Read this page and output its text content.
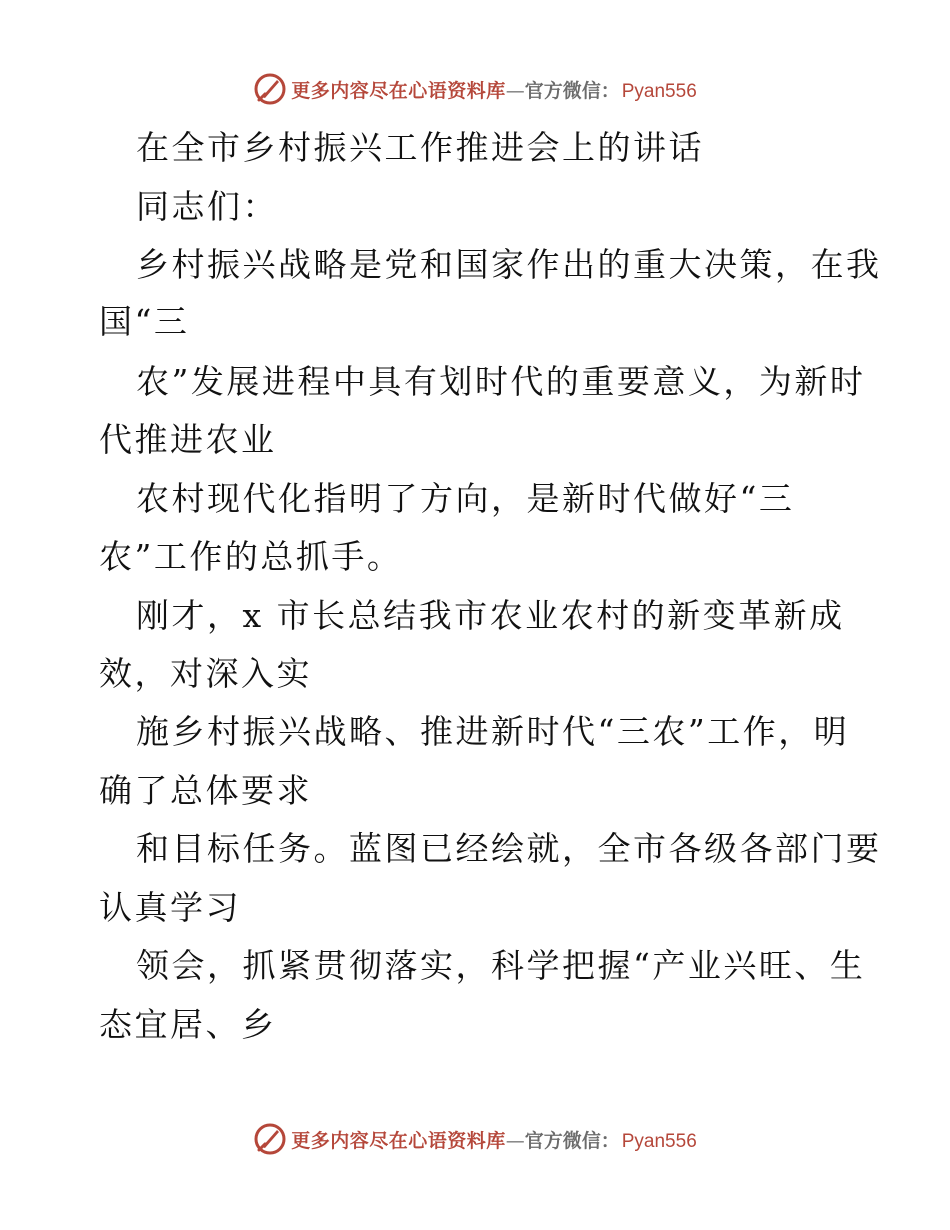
更多内容尽在心语资料库 — 官方微信： Pyan556
在全市乡村振兴工作推进会上的讲话
同志们：
乡村振兴战略是党和国家作出的重大决策，在我
国“三
农”发展进程中具有划时代的重要意义，为新时
代推进农业
农村现代化指明了方向，是新时代做好“三
农”工作的总抓手。
刚才，x 市长总结我市农业农村的新变革新成
效，对深入实
施乡村振兴战略、推进新时代“三农”工作，明
确了总体要求
和目标任务。蓝图已经绘就，全市各级各部门要
认真学习
领会，抓紧贯彻落实，科学把握“产业兴旺、生
态宜居、乡
更多内容尽在心语资料库 — 官方微信： Pyan556
